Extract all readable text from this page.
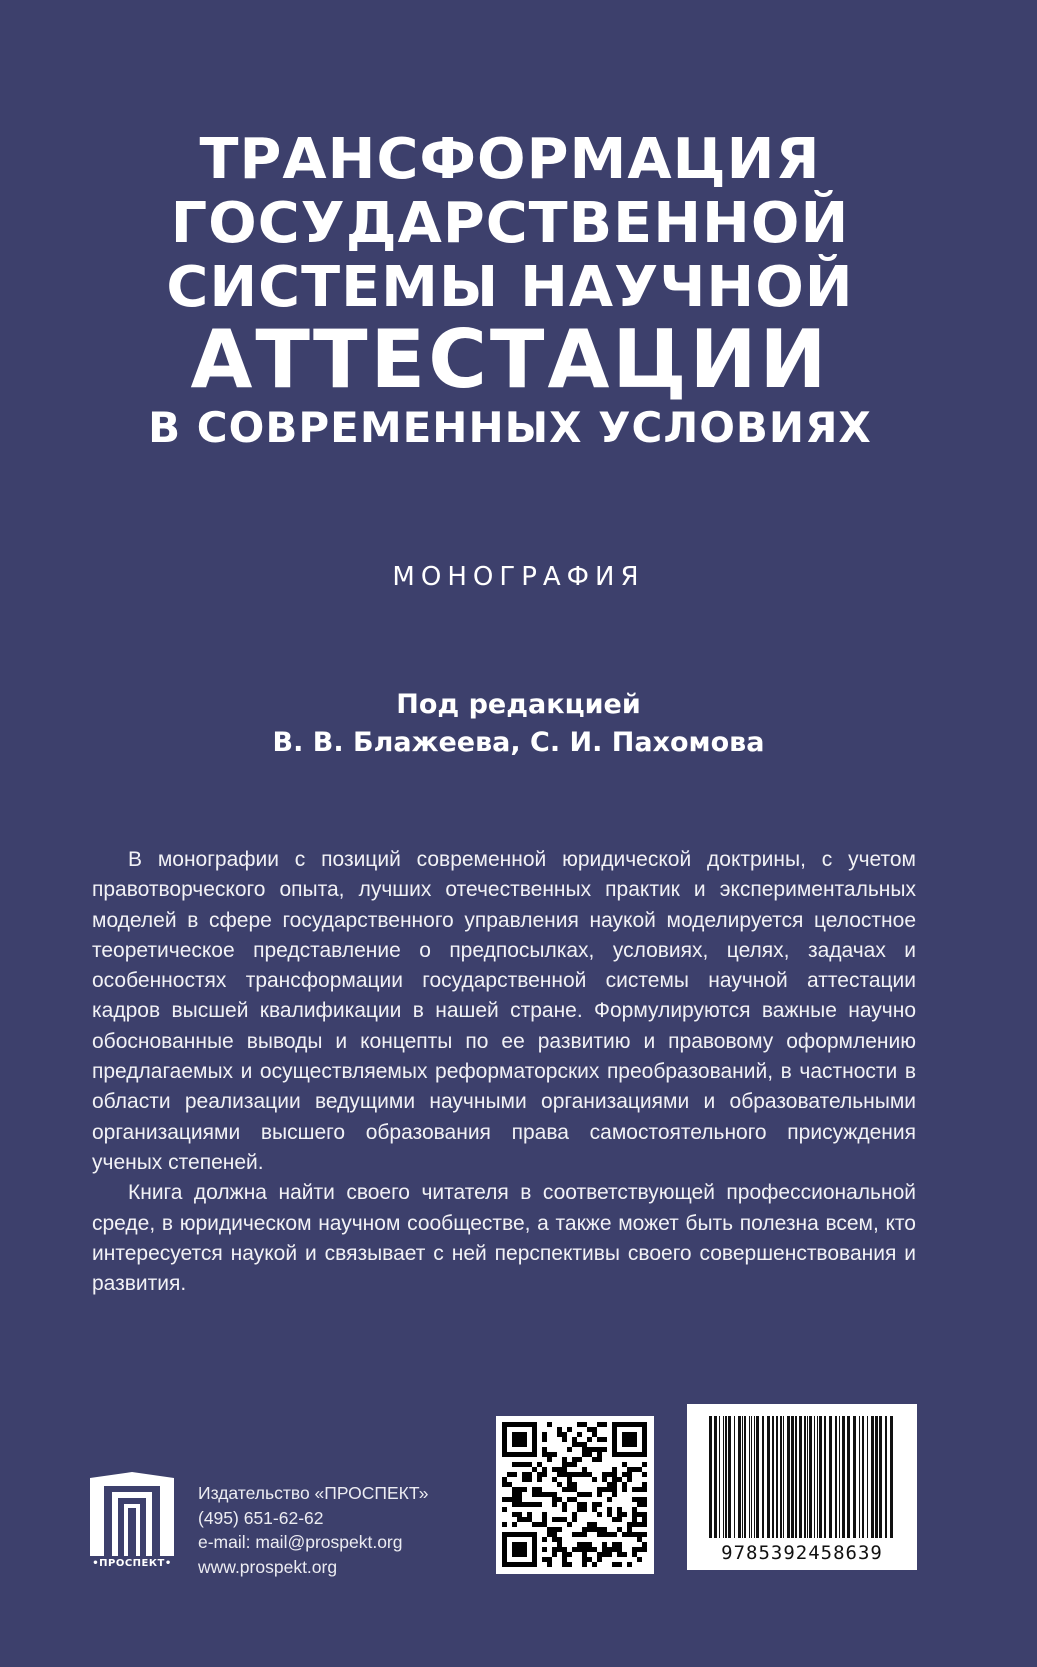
ТРАНСФОРМАЦИЯ
ГОСУДАРСТВЕННОЙ
СИСТЕМЫ НАУЧНОЙ
АТТЕСТАЦИИ
В СОВРЕМЕННЫХ УСЛОВИЯХ
МОНОГРАФИЯ
Под редакцией
В. В. Блажеева, С. И. Пахомова

В монографии с позиций современной юридической доктрины, с учетом правотворческого опыта, лучших отечественных практик и экспериментальных моделей в сфере государственного управления наукой моделируется целостное теоретическое представление о предпосылках, условиях, целях, задачах и особенностях трансформации государственной системы научной аттестации кадров высшей квалификации в нашей стране. Формулируются важные научно обоснованные выводы и концепты по ее развитию и правовому оформлению предлагаемых и осуществляемых реформаторских преобразований, в частности в области реализации ведущими научными организациями и образовательными организациями высшего образования права самостоятельного присуждения ученых степеней.

Книга должна найти своего читателя в соответствующей профессиональной среде, в юридическом научном сообществе, а также может быть полезна всем, кто интересуется наукой и связывает с ней перспективы своего совершенствования и развития.

•ПРОСПЕКТ•
Издательство «ПРОСПЕКТ»
(495) 651-62-62
e-mail: mail@prospekt.org
www.prospekt.org
9785392458639
